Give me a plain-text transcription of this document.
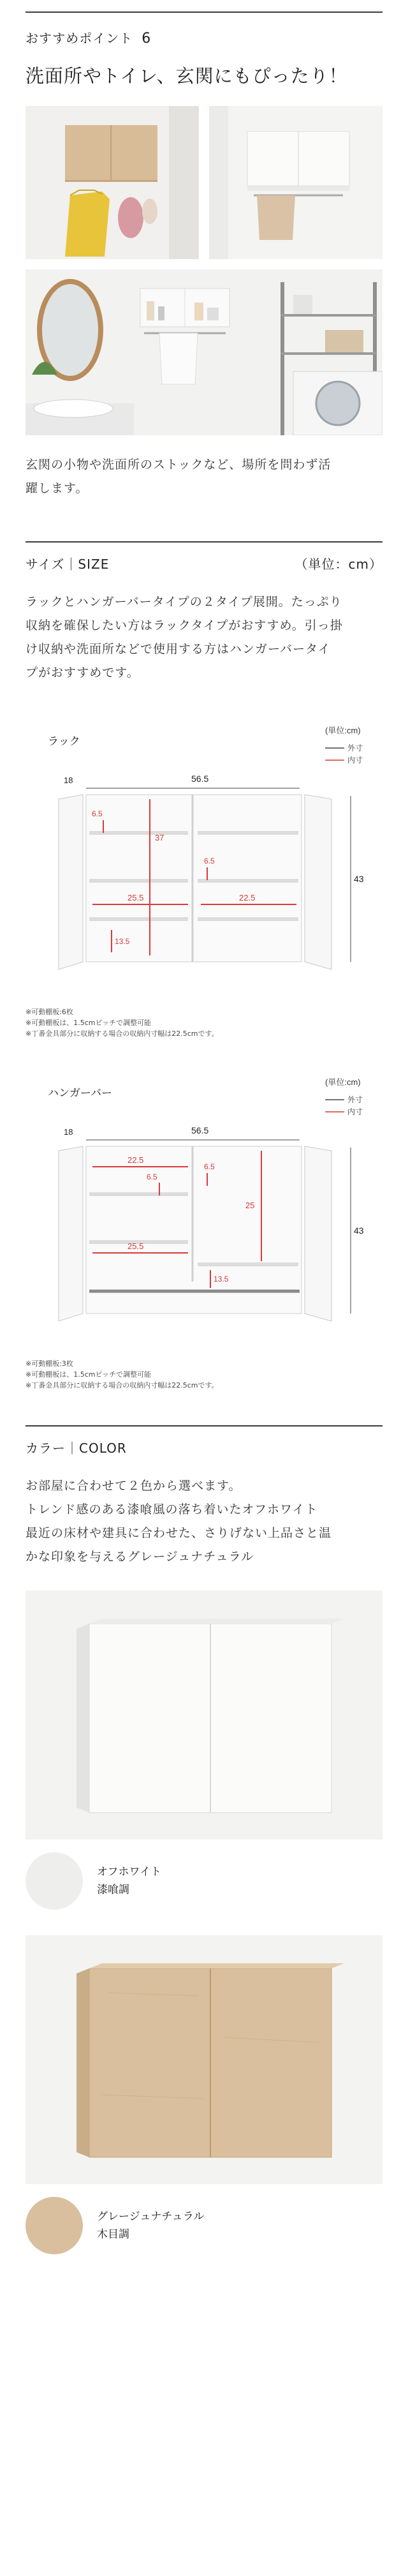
おすすめポイント 6
洗面所やトイレ、玄関にもぴったり！
玄関の小物や洗面所のストックなど、場所を問わず活
躍します。
サイズ｜SIZE	（単位：cm）
ラックとハンガーバータイプの２タイプ展開。たっぷり
収納を確保したい方はラックタイプがおすすめ。引っ掛
け収納や洗面所などで使用する方はハンガーバータイ
プがおすすめです。
(単位:cm)
外寸
内寸
ラック
18	56.5
43
37
6.5
6.5
25.5	22.5
13.5
※可動棚板:6枚
※可動棚板は、1.5cmピッチで調整可能
※丁番金具部分に収納する場合の収納内寸幅は22.5cmです。
(単位:cm)
外寸
内寸
ハンガーバー
18	56.5
43
22.5
6.5
6.5
25
25.5
13.5
※可動棚板:3枚
※可動棚板は、1.5cmピッチで調整可能
※丁番金具部分に収納する場合の収納内寸幅は22.5cmです。
カラー｜COLOR
お部屋に合わせて２色から選べます。
トレンド感のある漆喰風の落ち着いたオフホワイト
最近の床材や建具に合わせた、さりげない上品さと温
かな印象を与えるグレージュナチュラル
オフホワイト
漆喰調
グレージュナチュラル
木目調
